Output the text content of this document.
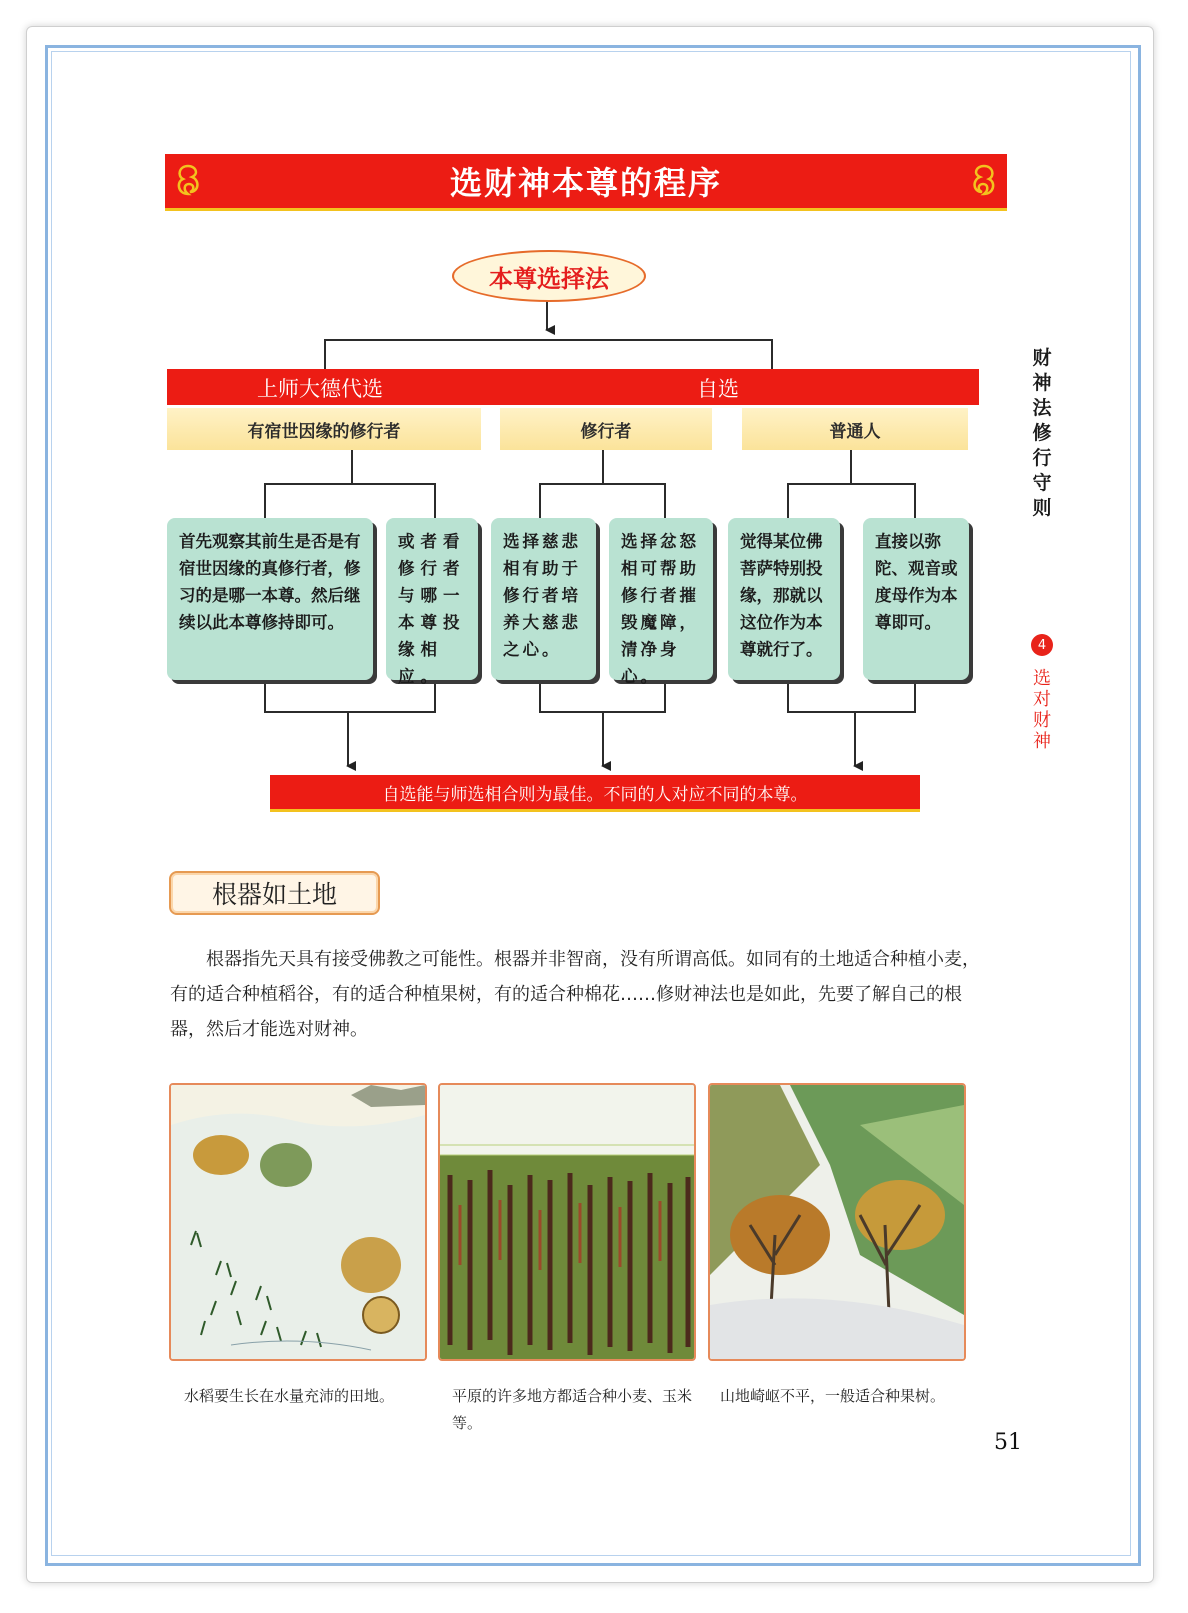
选财神本尊的程序
本尊选择法
上师大德代选	自选
有宿世因缘的修行者	修行者	普通人
首先观察其前生是否是有宿世因缘的真修行者，修习的是哪一本尊。然后继续以此本尊修持即可。
或者看修行者与哪一本尊投缘相应。
选择慈悲相有助于修行者培养大慈悲之心。
选择忿怒相可帮助修行者摧毁魔障，清净身心。
觉得某位佛菩萨特别投缘，那就以这位作为本尊就行了。
直接以弥陀、观音或度母作为本尊即可。
自选能与师选相合则为最佳。不同的人对应不同的本尊。
财神法修行守则
4
选对财神
根器如土地
根器指先天具有接受佛教之可能性。根器并非智商，没有所谓高低。如同有的土地适合种植小麦，有的适合种植稻谷，有的适合种植果树，有的适合种棉花……修财神法也是如此，先要了解自己的根器，然后才能选对财神。
水稻要生长在水量充沛的田地。	平原的许多地方都适合种小麦、玉米等。
山地崎岖不平，一般适合种果树。
51
